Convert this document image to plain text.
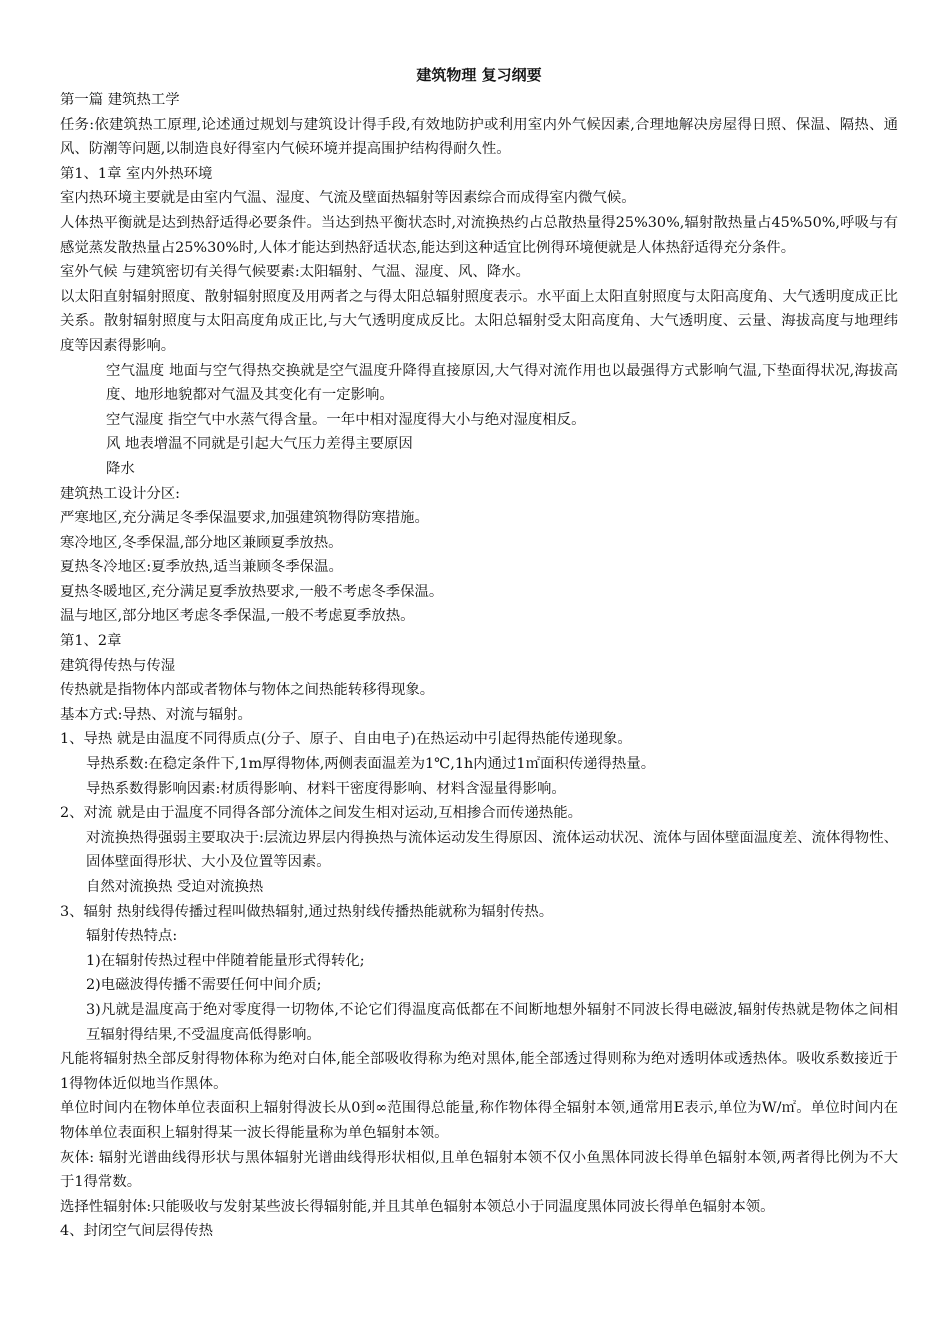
建筑物理 复习纲要

第一篇 建筑热工学

任务:依建筑热工原理,论述通过规划与建筑设计得手段,有效地防护或利用室内外气候因素,合理地解决房屋得日照、保温、隔热、通风、防潮等问题,以制造良好得室内气候环境并提高围护结构得耐久性。

第1、1章 室内外热环境

室内热环境主要就是由室内气温、湿度、气流及壁面热辐射等因素综合而成得室内微气候。

人体热平衡就是达到热舒适得必要条件。当达到热平衡状态时,对流换热约占总散热量得25%30%,辐射散热量占45%50%,呼吸与有感觉蒸发散热量占25%30%时,人体才能达到热舒适状态,能达到这种适宜比例得环境便就是人体热舒适得充分条件。

室外气候 与建筑密切有关得气候要素:太阳辐射、气温、湿度、风、降水。

以太阳直射辐射照度、散射辐射照度及用两者之与得太阳总辐射照度表示。水平面上太阳直射照度与太阳高度角、大气透明度成正比关系。散射辐射照度与太阳高度角成正比,与大气透明度成反比。太阳总辐射受太阳高度角、大气透明度、云量、海拔高度与地理纬度等因素得影响。

空气温度 地面与空气得热交换就是空气温度升降得直接原因,大气得对流作用也以最强得方式影响气温,下垫面得状况,海拔高度、地形地貌都对气温及其变化有一定影响。

空气湿度 指空气中水蒸气得含量。一年中相对湿度得大小与绝对湿度相反。

风 地表增温不同就是引起大气压力差得主要原因

降水

建筑热工设计分区:

严寒地区,充分满足冬季保温要求,加强建筑物得防寒措施。

寒冷地区,冬季保温,部分地区兼顾夏季放热。

夏热冬冷地区:夏季放热,适当兼顾冬季保温。

夏热冬暖地区,充分满足夏季放热要求,一般不考虑冬季保温。

温与地区,部分地区考虑冬季保温,一般不考虑夏季放热。

第1、2章

建筑得传热与传湿

传热就是指物体内部或者物体与物体之间热能转移得现象。

基本方式:导热、对流与辐射。

1、导热 就是由温度不同得质点(分子、原子、自由电子)在热运动中引起得热能传递现象。

导热系数:在稳定条件下,1m厚得物体,两侧表面温差为1℃,1h内通过1㎡面积传递得热量。

导热系数得影响因素:材质得影响、材料干密度得影响、材料含湿量得影响。

2、对流 就是由于温度不同得各部分流体之间发生相对运动,互相掺合而传递热能。

对流换热得强弱主要取决于:层流边界层内得换热与流体运动发生得原因、流体运动状况、流体与固体壁面温度差、流体得物性、固体壁面得形状、大小及位置等因素。

自然对流换热 受迫对流换热

3、辐射 热射线得传播过程叫做热辐射,通过热射线传播热能就称为辐射传热。

辐射传热特点:

1)在辐射传热过程中伴随着能量形式得转化;

2)电磁波得传播不需要任何中间介质;

3)凡就是温度高于绝对零度得一切物体,不论它们得温度高低都在不间断地想外辐射不同波长得电磁波,辐射传热就是物体之间相互辐射得结果,不受温度高低得影响。

凡能将辐射热全部反射得物体称为绝对白体,能全部吸收得称为绝对黑体,能全部透过得则称为绝对透明体或透热体。吸收系数接近于1得物体近似地当作黑体。

单位时间内在物体单位表面积上辐射得波长从0到∞范围得总能量,称作物体得全辐射本领,通常用E表示,单位为W/㎡。单位时间内在物体单位表面积上辐射得某一波长得能量称为单色辐射本领。

灰体: 辐射光谱曲线得形状与黑体辐射光谱曲线得形状相似,且单色辐射本领不仅小鱼黑体同波长得单色辐射本领,两者得比例为不大于1得常数。

选择性辐射体:只能吸收与发射某些波长得辐射能,并且其单色辐射本领总小于同温度黑体同波长得单色辐射本领。

4、封闭空气间层得传热
